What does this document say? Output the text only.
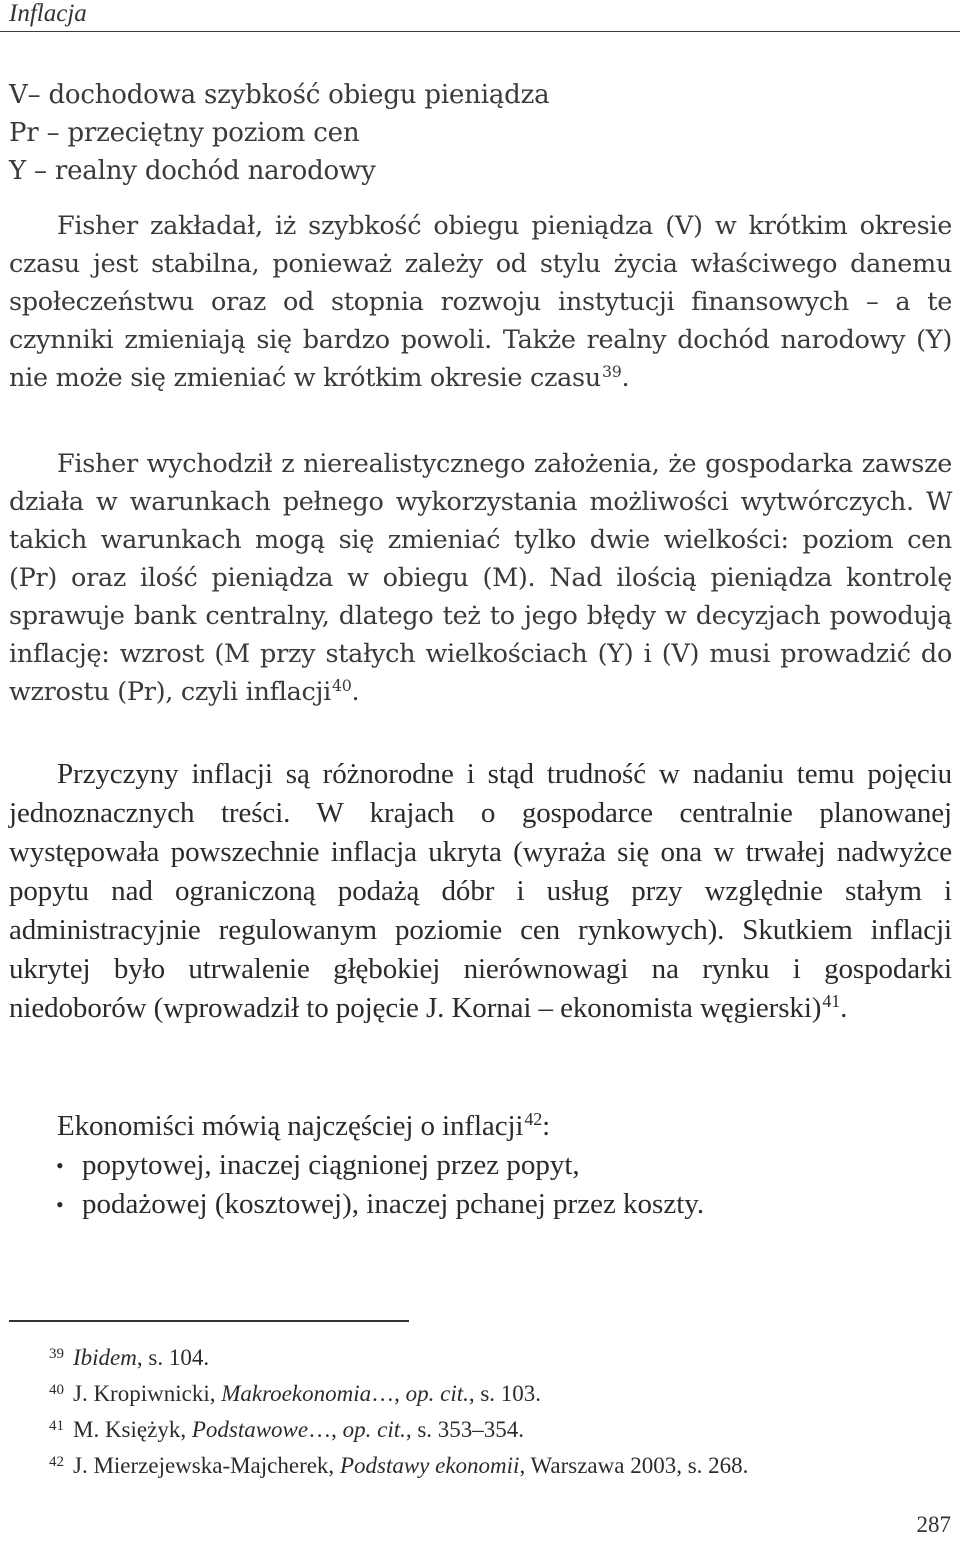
Inflacja
V– dochodowa szybkość obiegu pieniądza
Pr – przeciętny poziom cen
Y – realny dochód narodowy

Fisher zakładał, iż szybkość obiegu pieniądza (V) w krótkim okresie czasu jest stabilna, ponieważ zależy od stylu życia właściwego danemu społeczeństwu oraz od stopnia rozwoju instytucji finansowych – a te czynniki zmieniają się bardzo powoli. Także realny dochód narodowy (Y) nie może się zmieniać w krótkim okresie czasu$^{39}$.

Fisher wychodził z nierealistycznego założenia, że gospodarka zawsze działa w warunkach pełnego wykorzystania możliwości wytwórczych. W takich warunkach mogą się zmieniać tylko dwie wielkości: poziom cen (Pr) oraz ilość pieniądza w obiegu (M). Nad ilością pieniądza kontrolę sprawuje bank centralny, dlatego też to jego błędy w decyzjach powodują inflację: wzrost (M przy stałych wielkościach (Y) i (V) musi prowadzić do wzrostu (Pr), czyli inflacji$^{40}$.

Przyczyny inflacji są różnorodne i stąd trudność w nadaniu temu pojęciu jednoznacznych treści. W krajach o gospodarce centralnie planowanej występowała powszechnie inflacja ukryta (wyraża się ona w trwałej nadwyżce popytu nad ograniczoną podażą dóbr i usług przy względnie stałym i administracyjnie regulowanym poziomie cen rynkowych). Skutkiem inflacji ukrytej było utrwalenie głębokiej nierównowagi na rynku i gospodarki niedoborów (wprowadził to pojęcie J. Kornai – ekonomista węgierski)$^{41}$.

Ekonomiści mówią najczęściej o inflacji$^{42}$:

• popytowej, inaczej ciągnionej przez popyt,
• podażowej (kosztowej), inaczej pchanej przez koszty.
$^{39}$ Ibidem, s. 104.
$^{40}$ J. Kropiwnicki, Makroekonomia…, op. cit., s. 103.
$^{41}$ M. Księżyk, Podstawowe…, op. cit., s. 353–354.
$^{42}$ J. Mierzejewska-Majcherek, Podstawy ekonomii, Warszawa 2003, s. 268.
287
